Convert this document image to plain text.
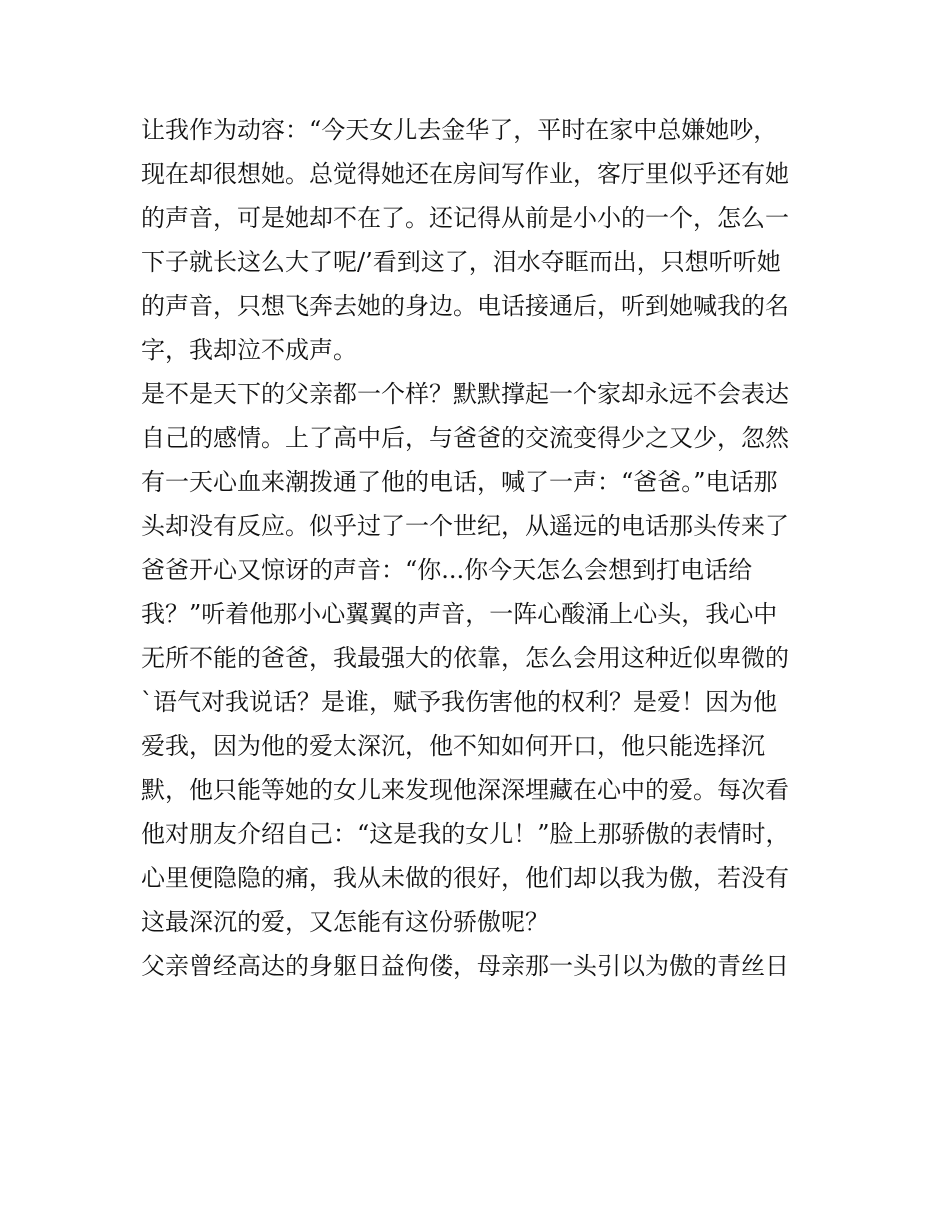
让我作为动容：“今天女儿去金华了，平时在家中总嫌她吵，
现在却很想她。总觉得她还在房间写作业，客厅里似乎还有她
的声音，可是她却不在了。还记得从前是小小的一个，怎么一
下子就长这么大了呢/’看到这了，泪水夺眶而出，只想听听她
的声音，只想飞奔去她的身边。电话接通后，听到她喊我的名
字，我却泣不成声。
是不是天下的父亲都一个样？默默撑起一个家却永远不会表达
自己的感情。上了高中后，与爸爸的交流变得少之又少，忽然
有一天心血来潮拨通了他的电话，喊了一声：“爸爸。”电话那
头却没有反应。似乎过了一个世纪，从遥远的电话那头传来了
爸爸开心又惊讶的声音：“你...你今天怎么会想到打电话给
我？”听着他那小心翼翼的声音，一阵心酸涌上心头，我心中
无所不能的爸爸，我最强大的依靠，怎么会用这种近似卑微的
`语气对我说话？是谁，赋予我伤害他的权利？是爱！因为他
爱我，因为他的爱太深沉，他不知如何开口，他只能选择沉
默，他只能等她的女儿来发现他深深埋藏在心中的爱。每次看
他对朋友介绍自己：“这是我的女儿！”脸上那骄傲的表情时，
心里便隐隐的痛，我从未做的很好，他们却以我为傲，若没有
这最深沉的爱，又怎能有这份骄傲呢？
父亲曾经高达的身躯日益佝偻，母亲那一头引以为傲的青丝日
